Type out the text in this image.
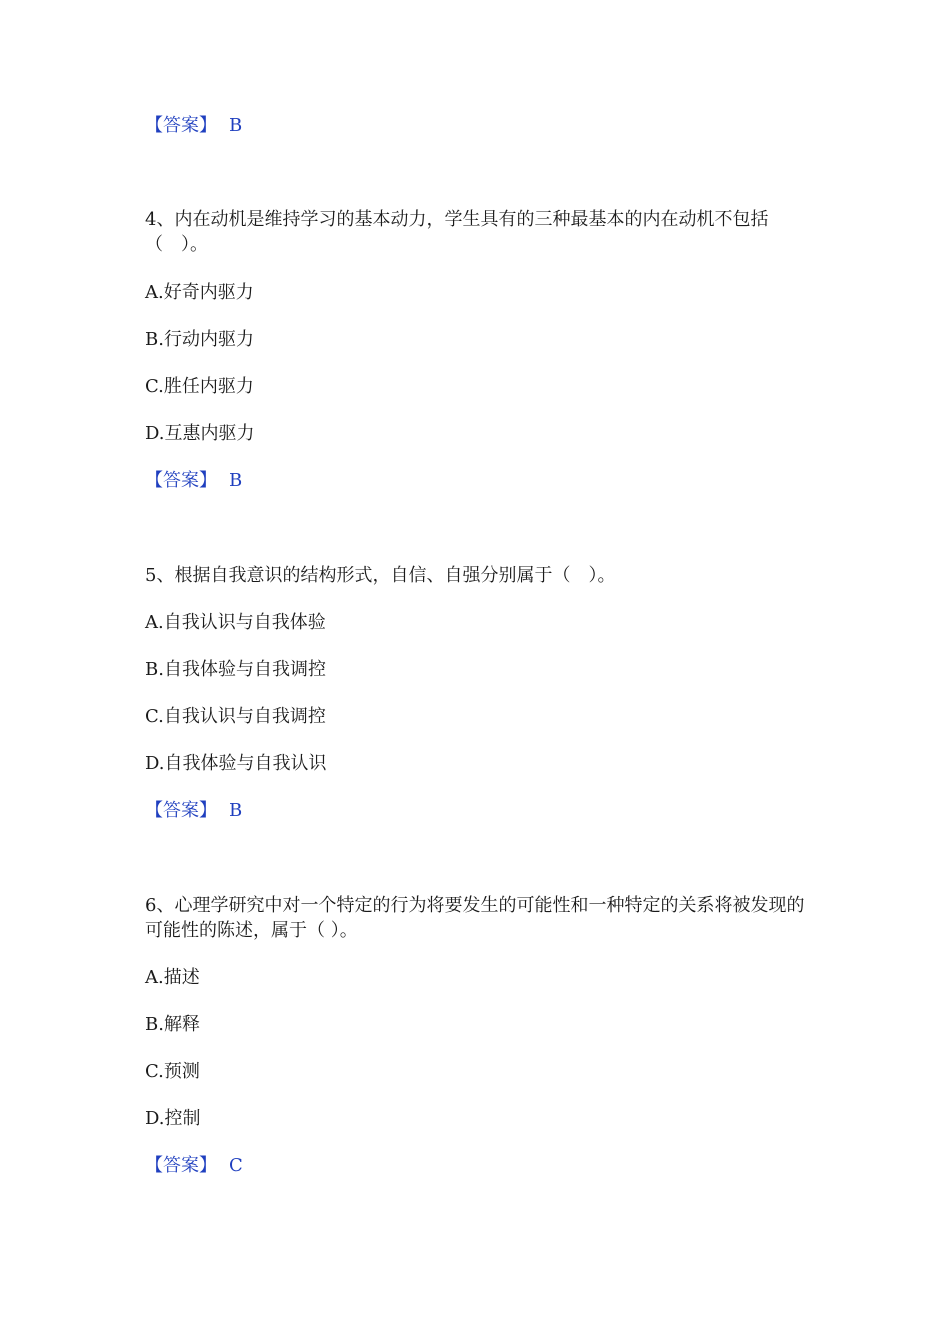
【答案】 B
4、内在动机是维持学习的基本动力，学生具有的三种最基本的内在动机不包括（　）。
A.好奇内驱力
B.行动内驱力
C.胜任内驱力
D.互惠内驱力
【答案】 B
5、根据自我意识的结构形式，自信、自强分别属于（　）。
A.自我认识与自我体验
B.自我体验与自我调控
C.自我认识与自我调控
D.自我体验与自我认识
【答案】 B
6、心理学研究中对一个特定的行为将要发生的可能性和一种特定的关系将被发现的可能性的陈述，属于（ ）。
A.描述
B.解释
C.预测
D.控制
【答案】 C
